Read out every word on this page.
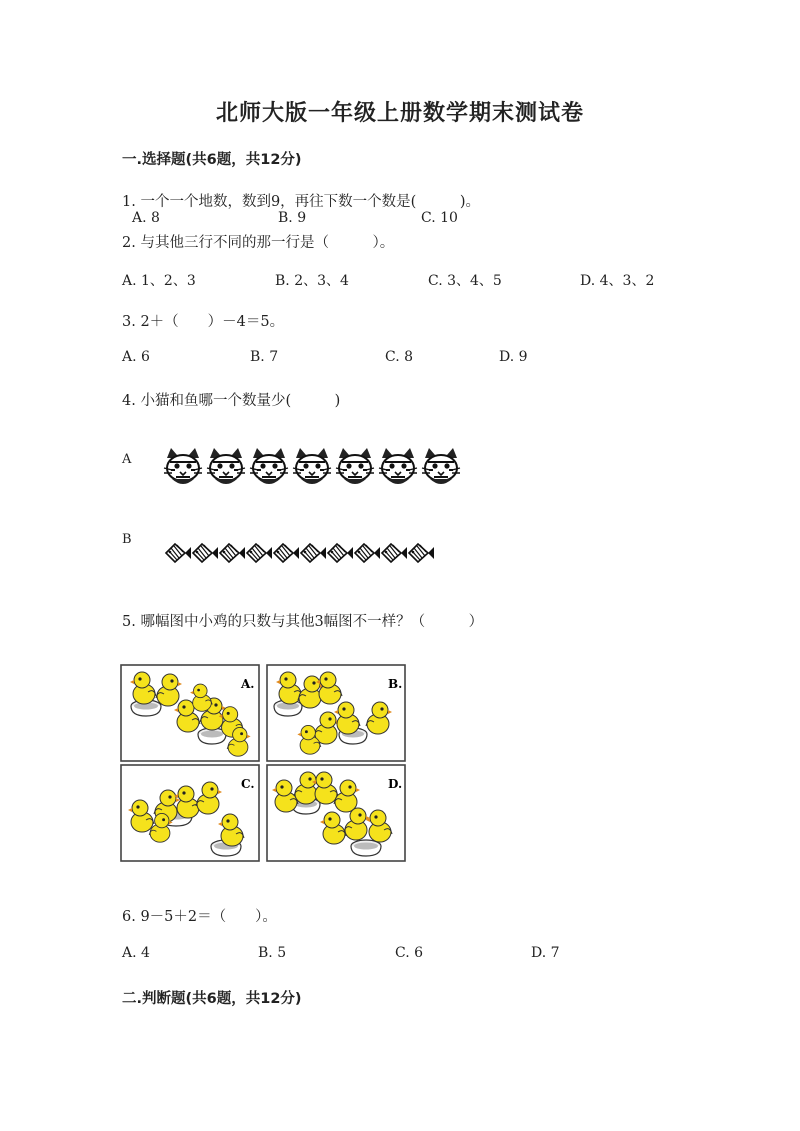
北师大版一年级上册数学期末测试卷
一.选择题(共6题，共12分)
1. 一个一个地数，数到9，再往下数一个数是(　　　)。
A. 8	B. 9	C. 10
2. 与其他三行不同的那一行是（　　　）。
A. 1、2、3	B. 2、3、4	C. 3、4、5	D. 4、3、2
3. 2＋（　　）－4＝5。
A. 6	B. 7	C. 8	D. 9
4. 小猫和鱼哪一个数量少(　　　)
A
B
5. 哪幅图中小鸡的只数与其他3幅图不一样？（　　　）
A.	B.
C.	D.
6. 9－5＋2＝（　　）。
A. 4	B. 5	C. 6	D. 7
二.判断题(共6题，共12分)
